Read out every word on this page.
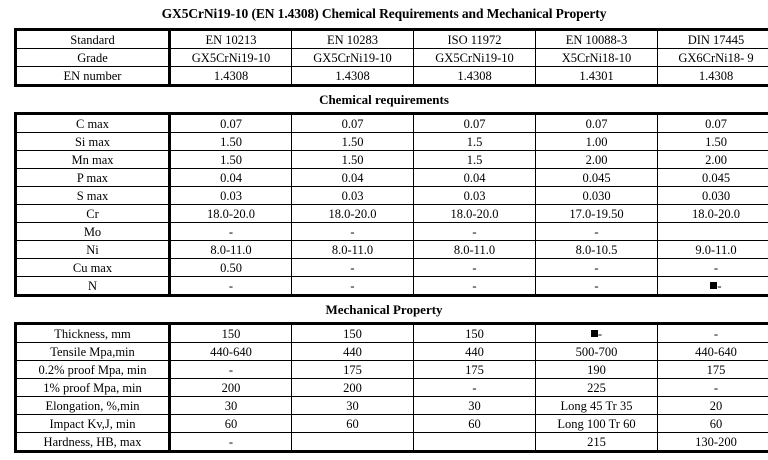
GX5CrNi19-10 (EN 1.4308) Chemical Requirements and Mechanical Property
Standard	EN 10213	EN 10283	ISO 11972	EN 10088-3	DIN 17445
Grade	GX5CrNi19-10	GX5CrNi19-10	GX5CrNi19-10	X5CrNi18-10	GX6CrNi18- 9
EN number	1.4308	1.4308	1.4308	1.4301	1.4308
Chemical requirements
C max	0.07	0.07	0.07	0.07	0.07
Si max	1.50	1.50	1.5	1.00	1.50
Mn max	1.50	1.50	1.5	2.00	2.00
P max	0.04	0.04	0.04	0.045	0.045
S max	0.03	0.03	0.03	0.030	0.030
Cr	18.0-20.0	18.0-20.0	18.0-20.0	17.0-19.50	18.0-20.0
Mo	-	-	-	-	
Ni	8.0-11.0	8.0-11.0	8.0-11.0	8.0-10.5	9.0-11.0
Cu max	0.50	-	-	-	-
N	-	-	-	-	-
Mechanical Property
Thickness, mm	150	150	150	-	-
Tensile Mpa,min	440-640	440	440	500-700	440-640
0.2% proof Mpa, min	-	175	175	190	175
1% proof Mpa, min	200	200	-	225	-
Elongation, %,min	30	30	30	Long 45 Tr 35	20
Impact Kv,J, min	60	60	60	Long 100 Tr 60	60
Hardness, HB, max	-			215	130-200
